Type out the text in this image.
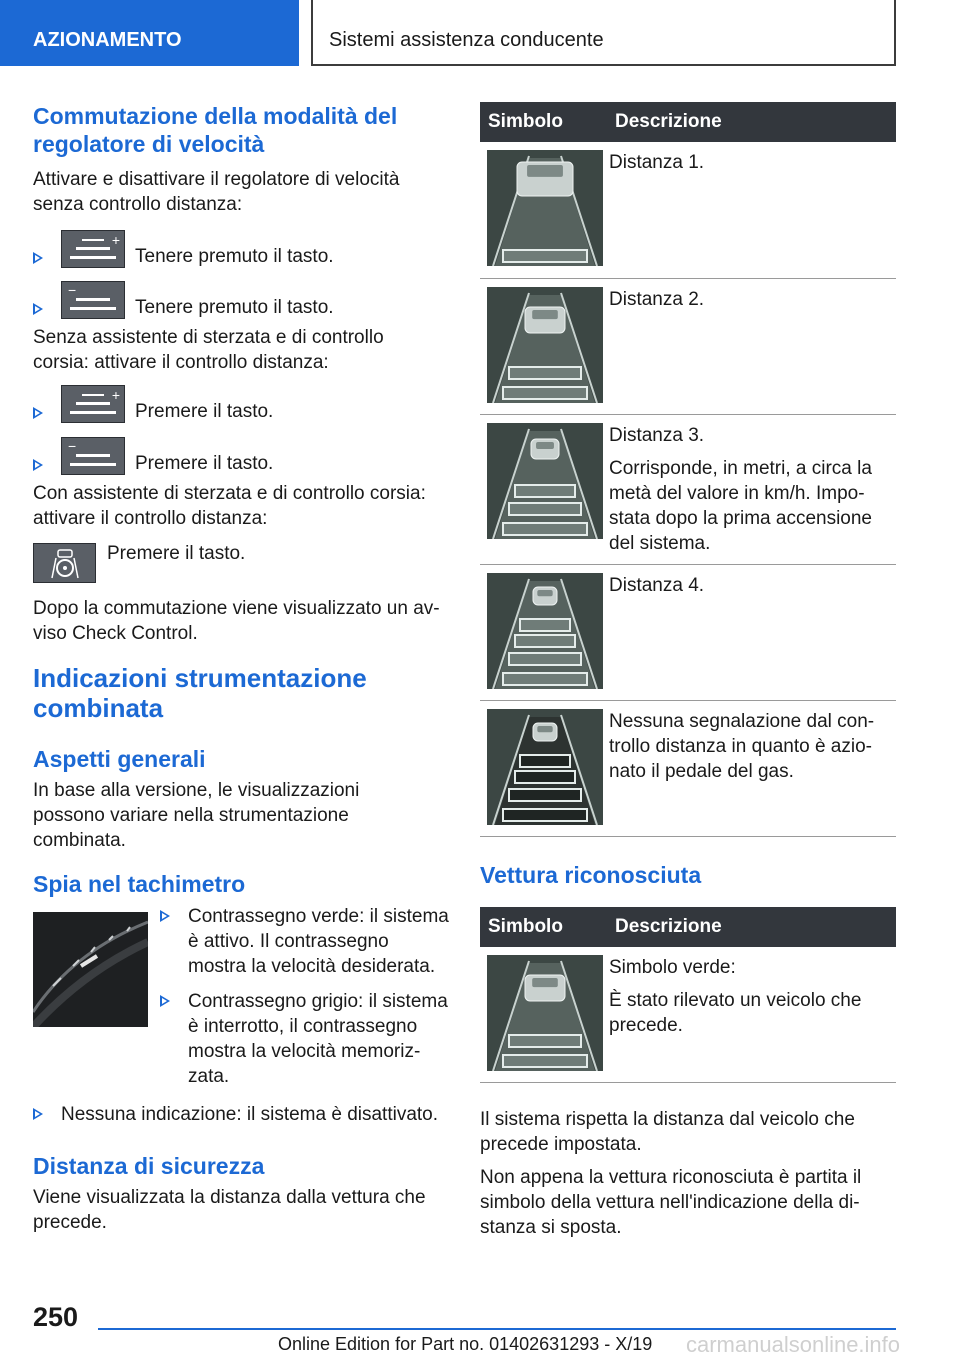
AZIONAMENTO	Sistemi assistenza conducente
Commutazione della modalità del regolatore di velocità

Attivare e disattivare il regolatore di velocità senza controllo distanza:

+
Tenere premuto il tasto.
−
Tenere premuto il tasto.

Senza assistente di sterzata e di controllo corsia: attivare il controllo distanza:

+
Premere il tasto.
−
Premere il tasto.

Con assistente di sterzata e di controllo corsia: attivare il controllo distanza:

Premere il tasto.

Dopo la commutazione viene visualizzato un avviso Check Control.

Indicazioni strumentazione combinata
Aspetti generali

In base alla versione, le visualizzazioni possono variare nella strumentazione combinata.

Spia nel tachimetro
Contrassegno verde: il sistema è attivo. Il contrassegno mostra la velocità desiderata.
Contrassegno grigio: il sistema è interrotto, il contrassegno mostra la velocità memorizzata.
Nessuna indicazione: il sistema è disattivato.
Distanza di sicurezza

Viene visualizzata la distanza dalla vettura che precede.

Simbolo	Descrizione

Distanza 1.

Distanza 2.

Distanza 3.

Corrisponde, in metri, a circa la metà del valore in km/h. Impostata dopo la prima accensione del sistema.

Distanza 4.

Nessuna segnalazione dal controllo distanza in quanto è azionato il pedale del gas.

Vettura riconosciuta
Simbolo	Descrizione

Simbolo verde:

È stato rilevato un veicolo che precede.

Il sistema rispetta la distanza dal veicolo che precede impostata.

Non appena la vettura riconosciuta è partita il simbolo della vettura nell'indicazione della distanza si sposta.

250
Online Edition for Part no. 01402631293 - X/19 carmanualsonline.info
